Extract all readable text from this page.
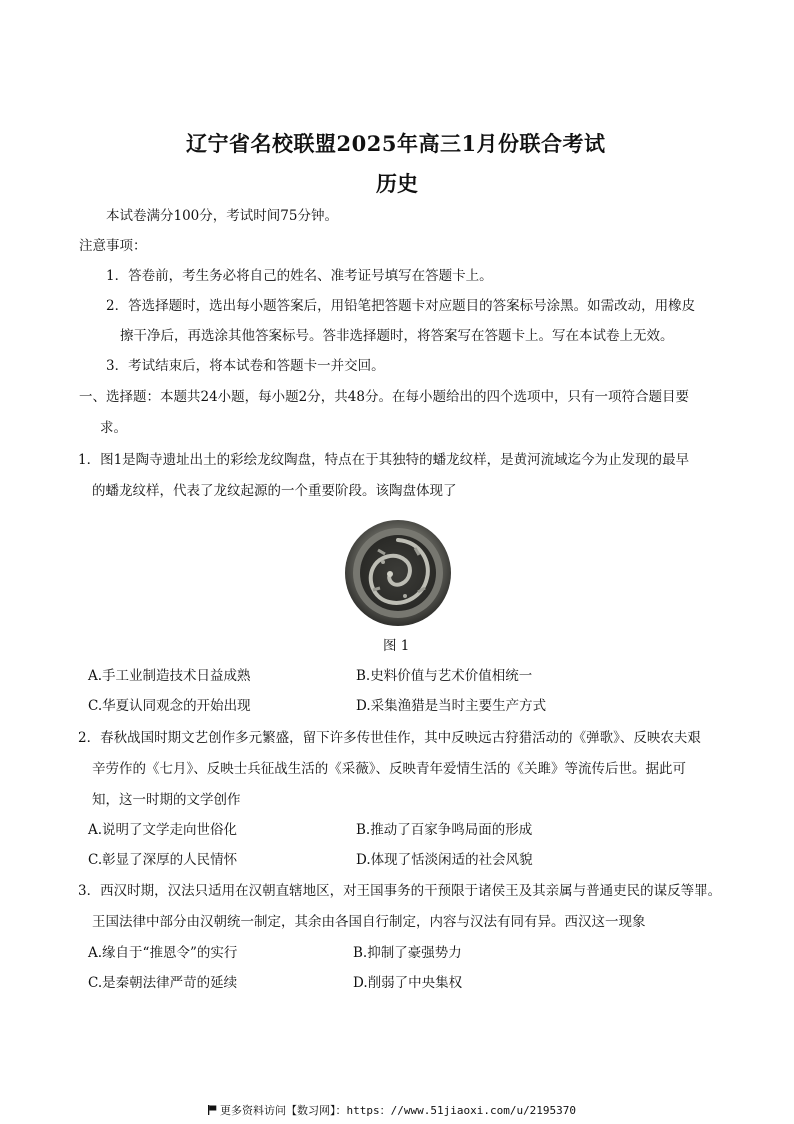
辽宁省名校联盟2025年高三1月份联合考试
历史
本试卷满分100分，考试时间75分钟。
注意事项：
1．答卷前，考生务必将自己的姓名、准考证号填写在答题卡上。
2．答选择题时，选出每小题答案后，用铅笔把答题卡对应题目的答案标号涂黑。如需改动，用橡皮
擦干净后，再选涂其他答案标号。答非选择题时，将答案写在答题卡上。写在本试卷上无效。
3．考试结束后，将本试卷和答题卡一并交回。
一、选择题：本题共24小题，每小题2分，共48分。在每小题给出的四个选项中，只有一项符合题目要
求。
1．图1是陶寺遗址出土的彩绘龙纹陶盘，特点在于其独特的蟠龙纹样，是黄河流域迄今为止发现的最早
的蟠龙纹样，代表了龙纹起源的一个重要阶段。该陶盘体现了
图 1
A.手工业制造技术日益成熟	B.史料价值与艺术价值相统一
C.华夏认同观念的开始出现	D.采集渔猎是当时主要生产方式
2．春秋战国时期文艺创作多元繁盛，留下许多传世佳作，其中反映远古狩猎活动的《弹歌》、反映农夫艰
辛劳作的《七月》、反映士兵征战生活的《采薇》、反映青年爱情生活的《关雎》等流传后世。据此可
知，这一时期的文学创作
A.说明了文学走向世俗化	B.推动了百家争鸣局面的形成
C.彰显了深厚的人民情怀	D.体现了恬淡闲适的社会风貌
3．西汉时期，汉法只适用在汉朝直辖地区，对王国事务的干预限于诸侯王及其亲属与普通吏民的谋反等罪。
王国法律中部分由汉朝统一制定，其余由各国自行制定，内容与汉法有同有异。西汉这一现象
A.缘自于“推恩令”的实行	B.抑制了豪强势力
C.是秦朝法律严苛的延续	D.削弱了中央集权
更多资料访问【数习网】：https：//www.51jiaoxi.com/u/2195370
